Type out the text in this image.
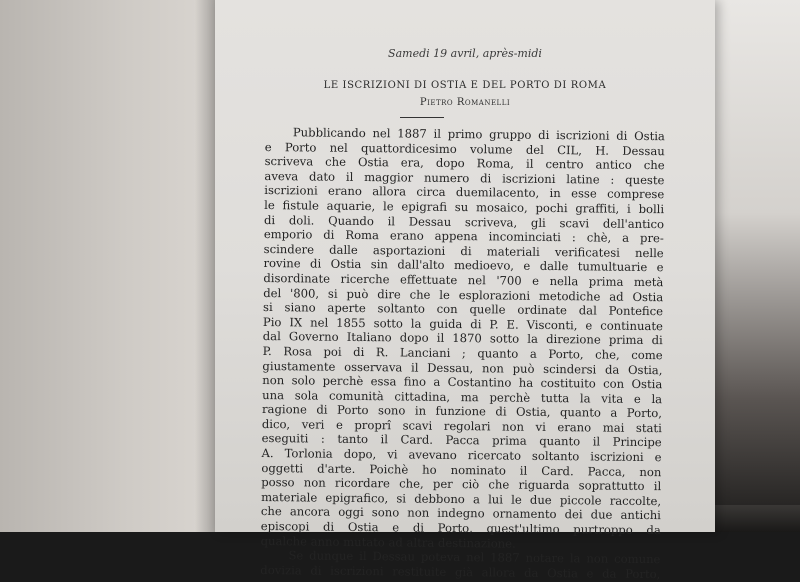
Samedi 19 avril, après-midi
LE ISCRIZIONI DI OSTIA E DEL PORTO DI ROMA
Pietro Romanelli
Pubblicando nel 1887 il primo gruppo di iscrizioni di Ostia
e Porto nel quattordicesimo volume del CIL, H. Dessau
scriveva che Ostia era, dopo Roma, il centro antico che
aveva dato il maggior numero di iscrizioni latine : queste
iscrizioni erano allora circa duemilacento, in esse comprese
le fistule aquarie, le epigrafi su mosaico, pochi graffiti, i bolli
di doli. Quando il Dessau scriveva, gli scavi dell'antico
emporio di Roma erano appena incominciati : chè, a pre-
scindere dalle asportazioni di materiali verificatesi nelle
rovine di Ostia sin dall'alto medioevo, e dalle tumultuarie e
disordinate ricerche effettuate nel '700 e nella prima metà
del '800, si può dire che le esplorazioni metodiche ad Ostia
si siano aperte soltanto con quelle ordinate dal Pontefice
Pio IX nel 1855 sotto la guida di P. E. Visconti, e continuate
dal Governo Italiano dopo il 1870 sotto la direzione prima di
P. Rosa poi di R. Lanciani ; quanto a Porto, che, come
giustamente osservava il Dessau, non può scindersi da Ostia,
non solo perchè essa fino a Costantino ha costituito con Ostia
una sola comunità cittadina, ma perchè tutta la vita e la
ragione di Porto sono in funzione di Ostia, quanto a Porto,
dico, veri e proprî scavi regolari non vi erano mai stati
eseguiti : tanto il Card. Pacca prima quanto il Principe
A. Torlonia dopo, vi avevano ricercato soltanto iscrizioni e
oggetti d'arte. Poichè ho nominato il Card. Pacca, non
posso non ricordare che, per ciò che riguarda soprattutto il
materiale epigrafico, si debbono a lui le due piccole raccolte,
che ancora oggi sono non indegno ornamento dei due antichi
episcopi di Ostia e di Porto, quest'ultimo purtroppo da
qualche anno mutato ad altra destinazione.
Se dunque il Dessau poteva nel 1887 notare la non comune
dovizia di iscrizioni restituite già allora da Ostia e da Porto,
